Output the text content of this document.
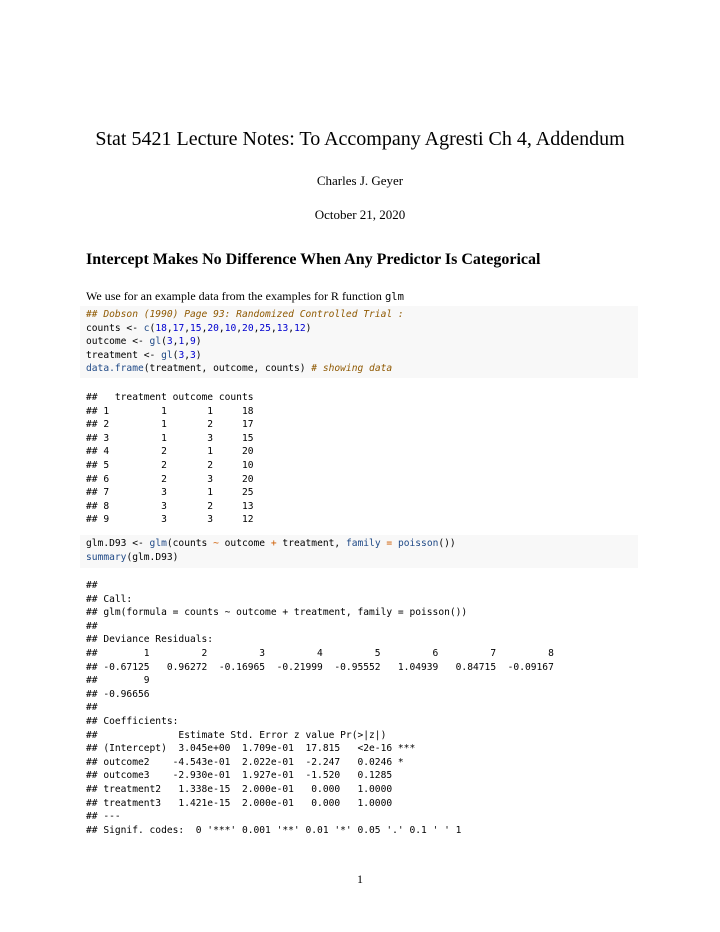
Stat 5421 Lecture Notes: To Accompany Agresti Ch 4, Addendum
Charles J. Geyer
October 21, 2020
Intercept Makes No Difference When Any Predictor Is Categorical
We use for an example data from the examples for R function glm
## Dobson (1990) Page 93: Randomized Controlled Trial :
counts <- c(18,17,15,20,10,20,25,13,12)
outcome <- gl(3,1,9)
treatment <- gl(3,3)
data.frame(treatment, outcome, counts) # showing data
##   treatment outcome counts
## 1         1       1     18
## 2         1       2     17
## 3         1       3     15
## 4         2       1     20
## 5         2       2     10
## 6         2       3     20
## 7         3       1     25
## 8         3       2     13
## 9         3       3     12
glm.D93 <- glm(counts ~ outcome + treatment, family = poisson())
summary(glm.D93)
##
## Call:
## glm(formula = counts ~ outcome + treatment, family = poisson())
##
## Deviance Residuals:
##        1         2         3         4         5         6         7         8
## -0.67125   0.96272  -0.16965  -0.21999  -0.95552   1.04939   0.84715  -0.09167
##        9
## -0.96656
##
## Coefficients:
##              Estimate Std. Error z value Pr(>|z|)
## (Intercept)  3.045e+00  1.709e-01  17.815   <2e-16 ***
## outcome2    -4.543e-01  2.022e-01  -2.247   0.0246 *
## outcome3    -2.930e-01  1.927e-01  -1.520   0.1285
## treatment2   1.338e-15  2.000e-01   0.000   1.0000
## treatment3   1.421e-15  2.000e-01   0.000   1.0000
## ---
## Signif. codes:  0 '***' 0.001 '**' 0.01 '*' 0.05 '.' 0.1 ' ' 1
1
